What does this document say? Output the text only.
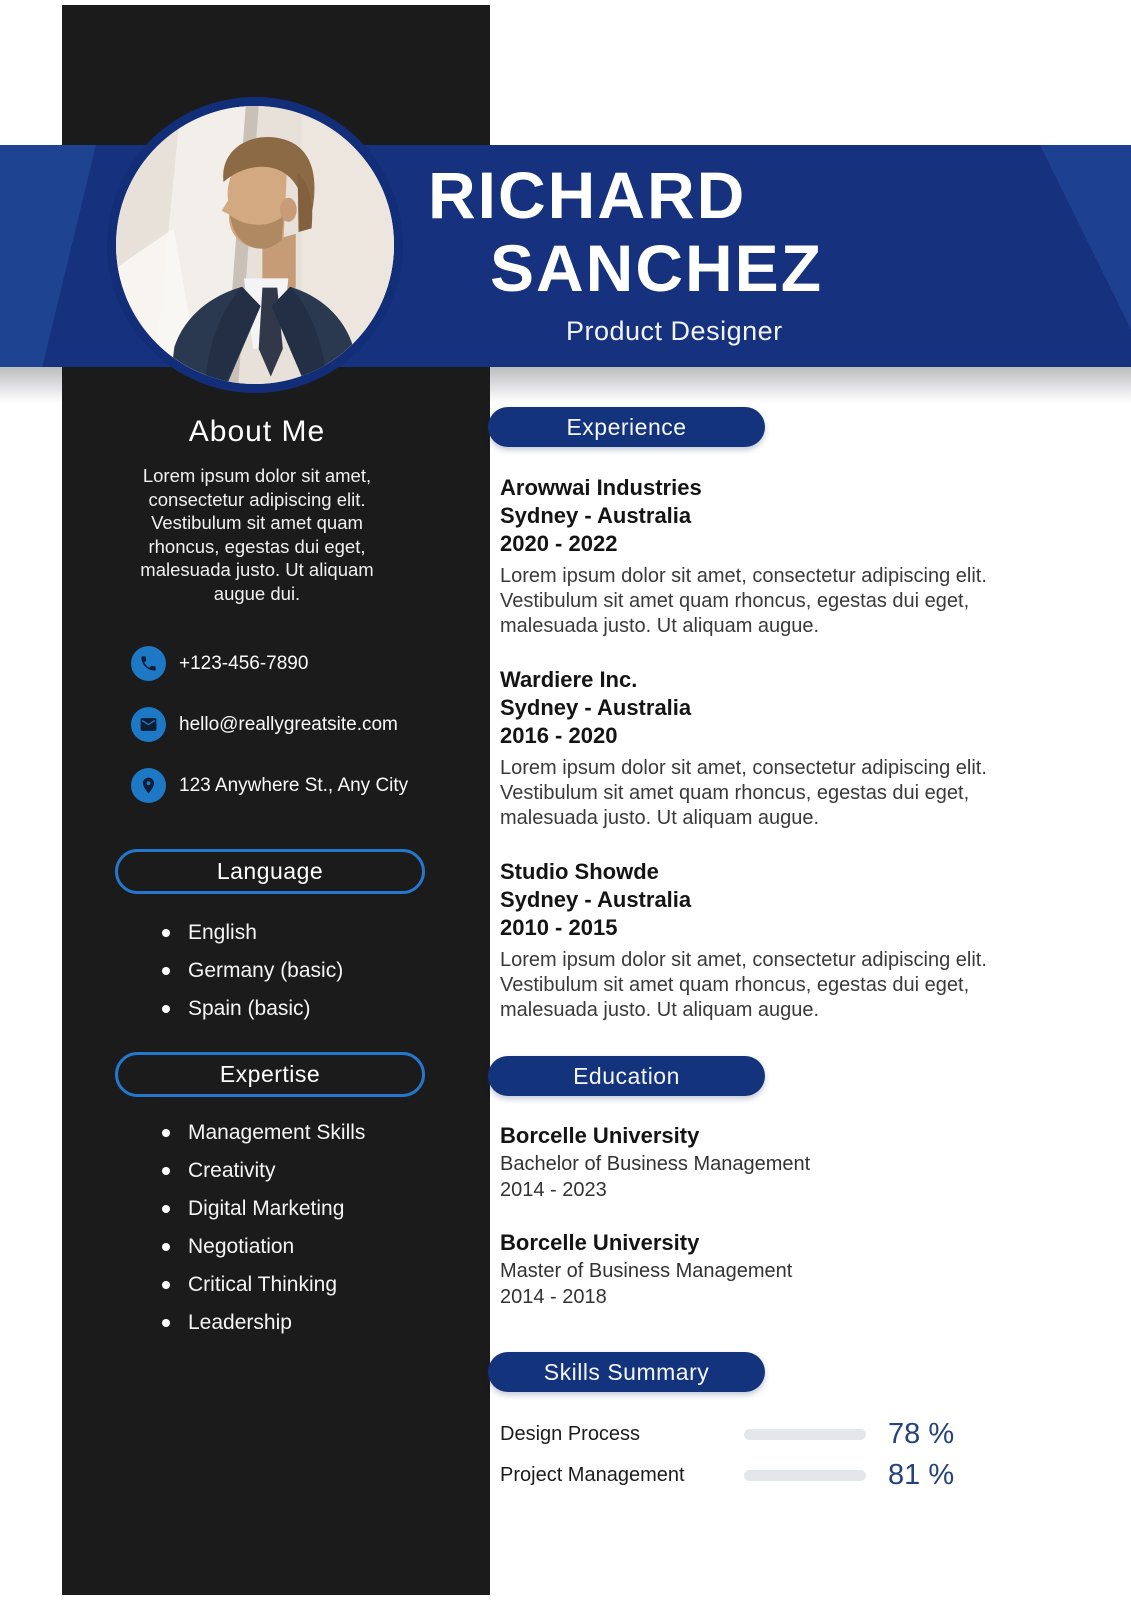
RICHARD
SANCHEZ
Product Designer
About Me

Lorem ipsum dolor sit amet, consectetur adipiscing elit. Vestibulum sit amet quam rhoncus, egestas dui eget, malesuada justo. Ut aliquam augue dui.

+123-456-7890
hello@reallygreatsite.com
123 Anywhere St., Any City
Language
English
Germany (basic)
Spain (basic)
Expertise
Management Skills
Creativity
Digital Marketing
Negotiation
Critical Thinking
Leadership
Experience
Arowwai Industries
Sydney - Australia
2020 - 2022
Lorem ipsum dolor sit amet, consectetur adipiscing elit. Vestibulum sit amet quam rhoncus, egestas dui eget, malesuada justo. Ut aliquam augue.
Wardiere Inc.
Sydney - Australia
2016 - 2020
Lorem ipsum dolor sit amet, consectetur adipiscing elit. Vestibulum sit amet quam rhoncus, egestas dui eget, malesuada justo. Ut aliquam augue.
Studio Showde
Sydney - Australia
2010 - 2015
Lorem ipsum dolor sit amet, consectetur adipiscing elit. Vestibulum sit amet quam rhoncus, egestas dui eget, malesuada justo. Ut aliquam augue.
Education
Borcelle University
Bachelor of Business Management
2014 - 2023
Borcelle University
Master of Business Management
2014 - 2018
Skills Summary
Design Process	78 %
Project Management	81 %
